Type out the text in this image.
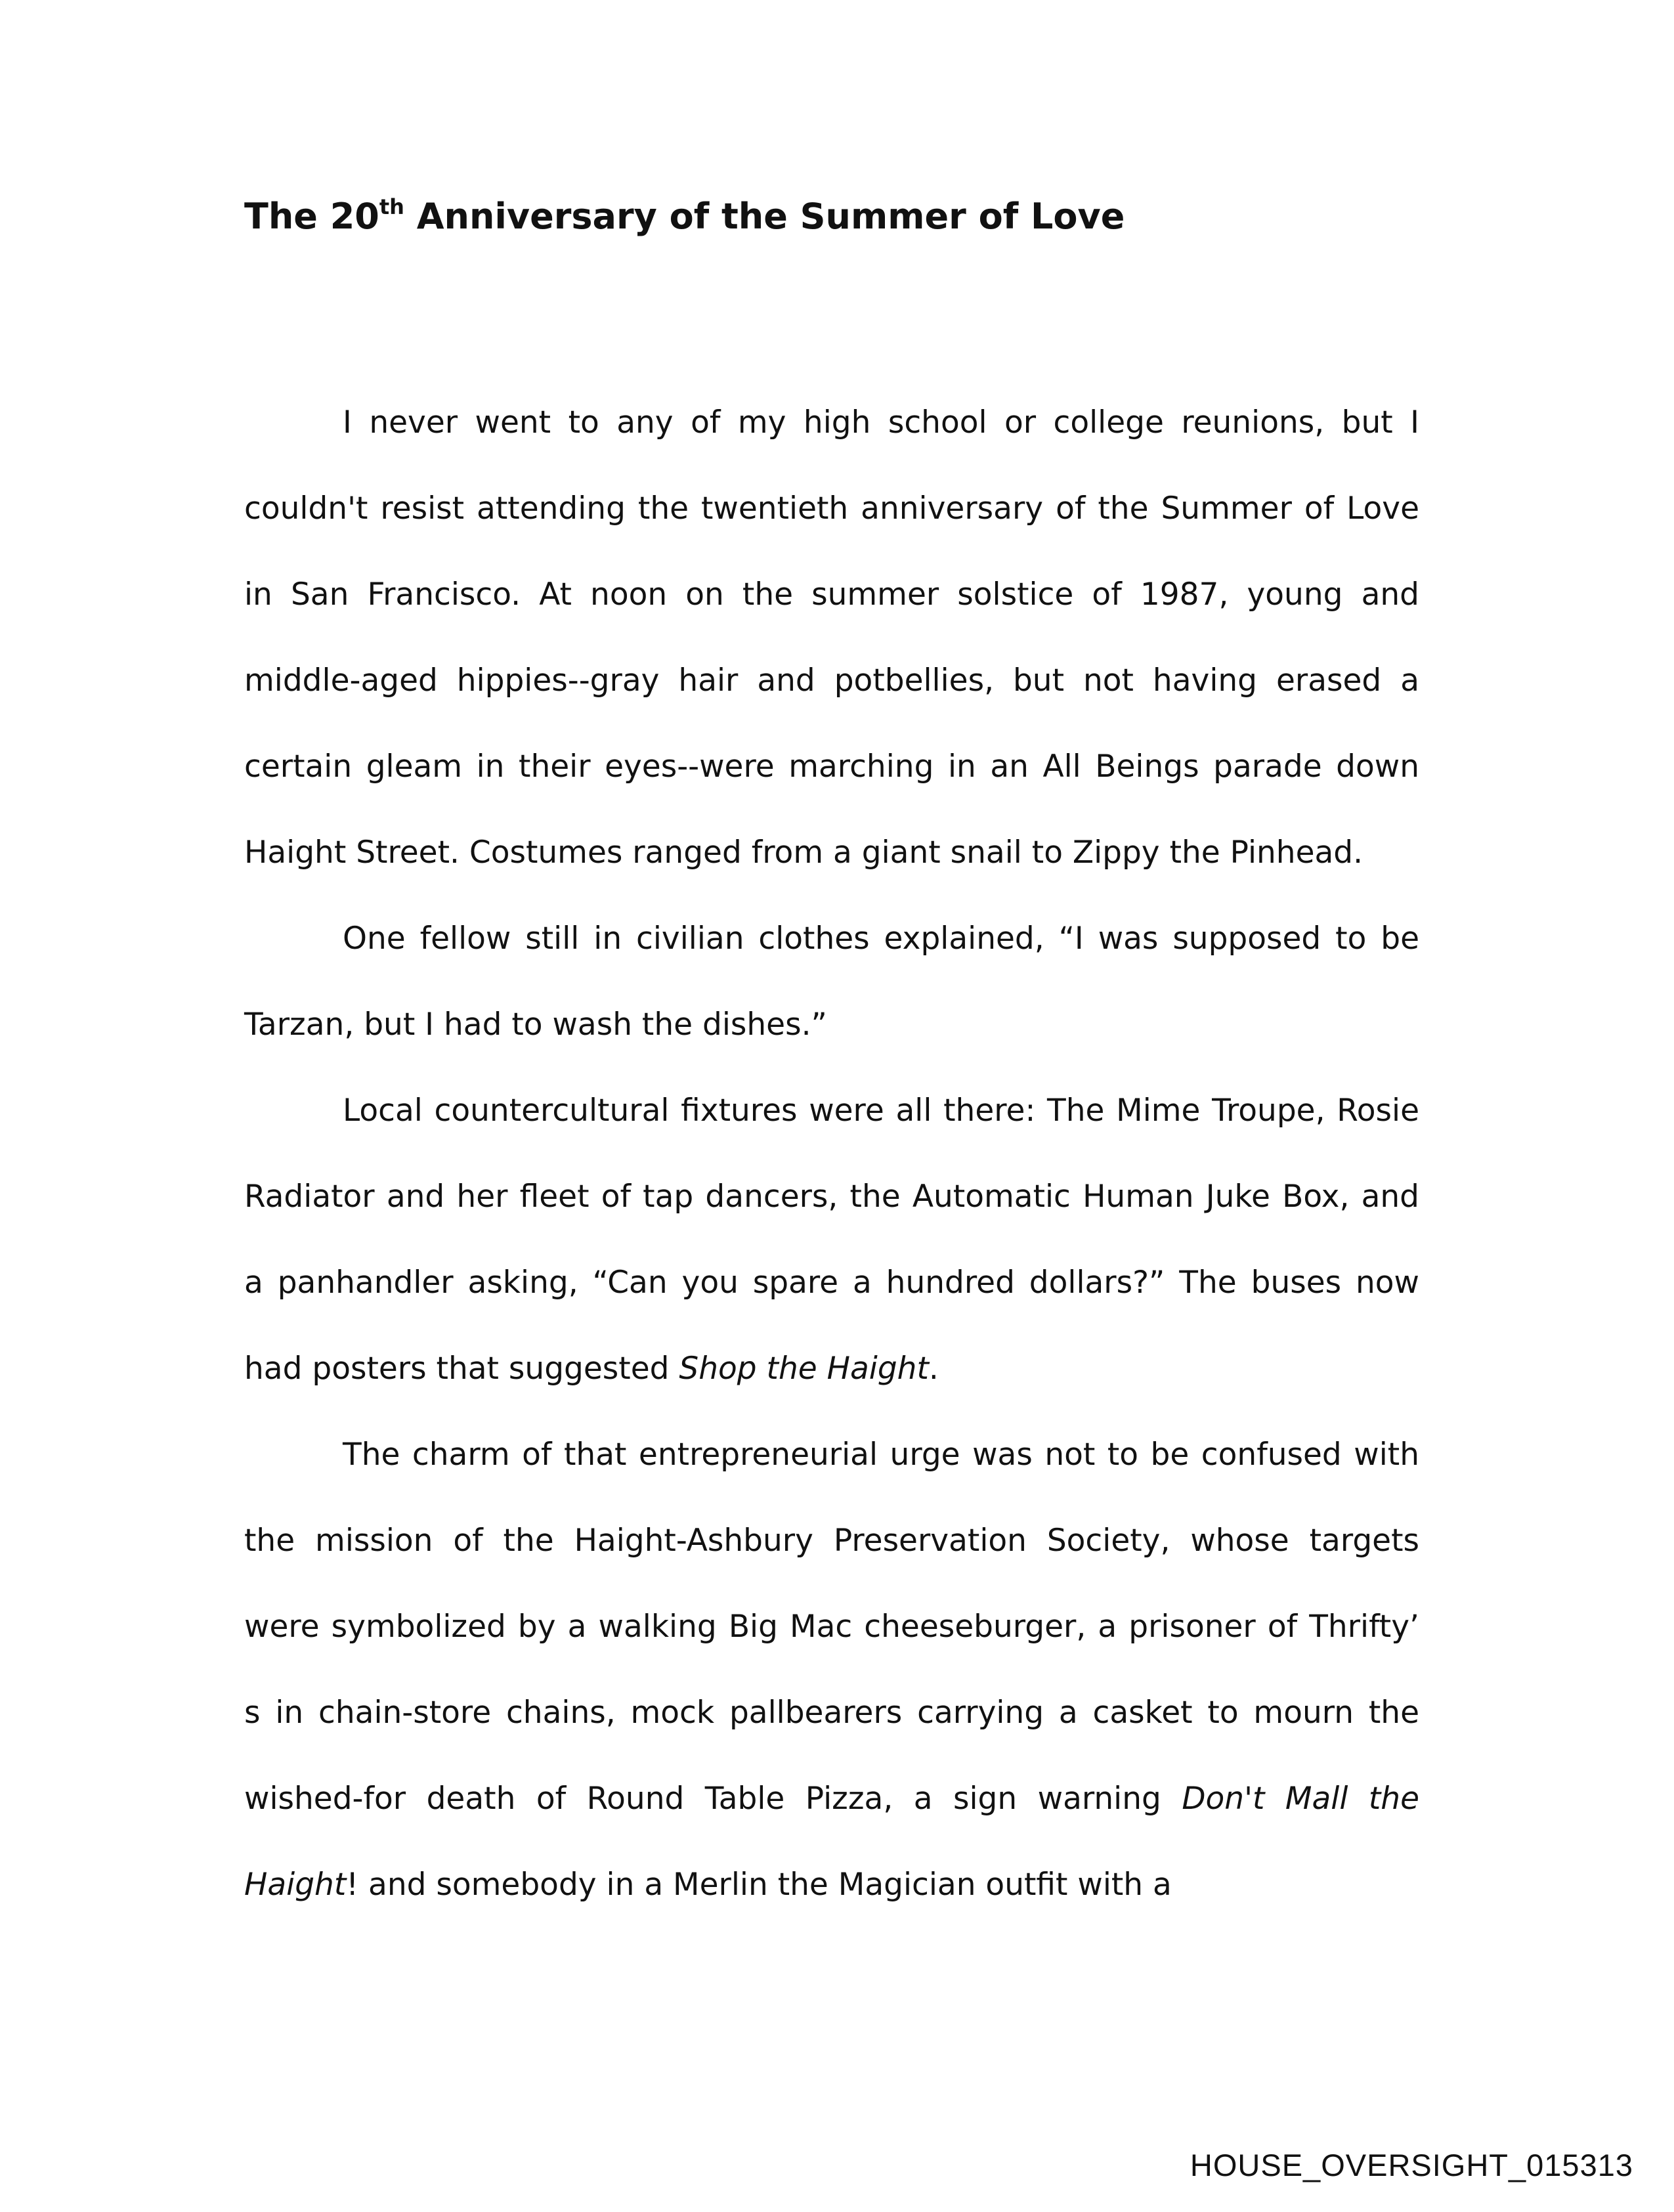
The 20th Anniversary of the Summer of Love

I never went to any of my high school or college reunions, but I couldn't resist attending the twentieth anniversary of the Summer of Love in San Francisco. At noon on the summer solstice of 1987, young and middle-aged hippies--gray hair and potbellies, but not having erased a certain gleam in their eyes--were marching in an All Beings parade down Haight Street. Costumes ranged from a giant snail to Zippy the Pinhead.

One fellow still in civilian clothes explained, “I was supposed to be Tarzan, but I had to wash the dishes.”

Local countercultural fixtures were all there: The Mime Troupe, Rosie Radiator and her fleet of tap dancers, the Automatic Human Juke Box, and a panhandler asking, “Can you spare a hundred dollars?” The buses now had posters that suggested Shop the Haight.

The charm of that entrepreneurial urge was not to be confused with the mission of the Haight-Ashbury Preservation Society, whose targets were symbolized by a walking Big Mac cheeseburger, a prisoner of Thrifty’ s in chain-store chains, mock pallbearers carrying a casket to mourn the wished-for death of Round Table Pizza, a sign warning Don't Mall the Haight! and somebody in a Merlin the Magician outfit with a

HOUSE_OVERSIGHT_015313
